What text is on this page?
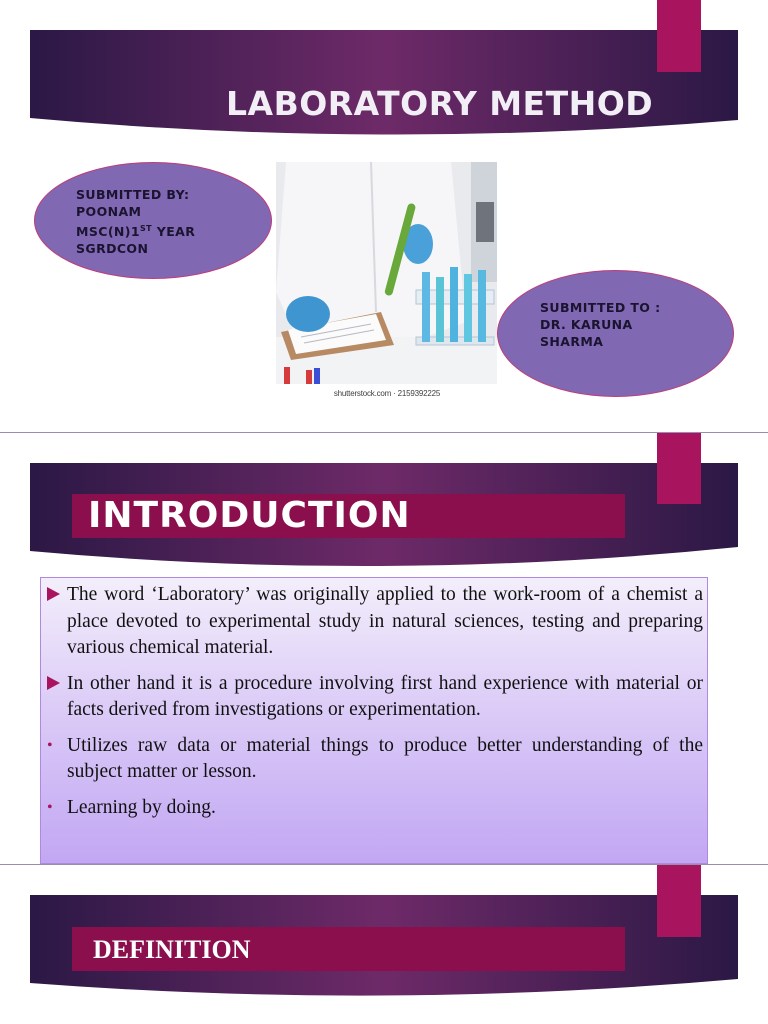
LABORATORY METHOD
SUBMITTED BY:
POONAM
MSC(N)1ST YEAR
SGRDCON
shutterstock.com · 2159392225
SUBMITTED TO :
DR. KARUNA
SHARMA
INTRODUCTION
The word ‘Laboratory’ was originally applied to the work-room of a chemist a place devoted to experimental study in natural sciences, testing and preparing various chemical material.
In other hand it is a procedure involving first hand experience with material or facts derived from investigations or experimentation.
• Utilizes raw data or material things to produce better understanding of the subject matter or lesson.
• Learning by doing.
DEFINITION
